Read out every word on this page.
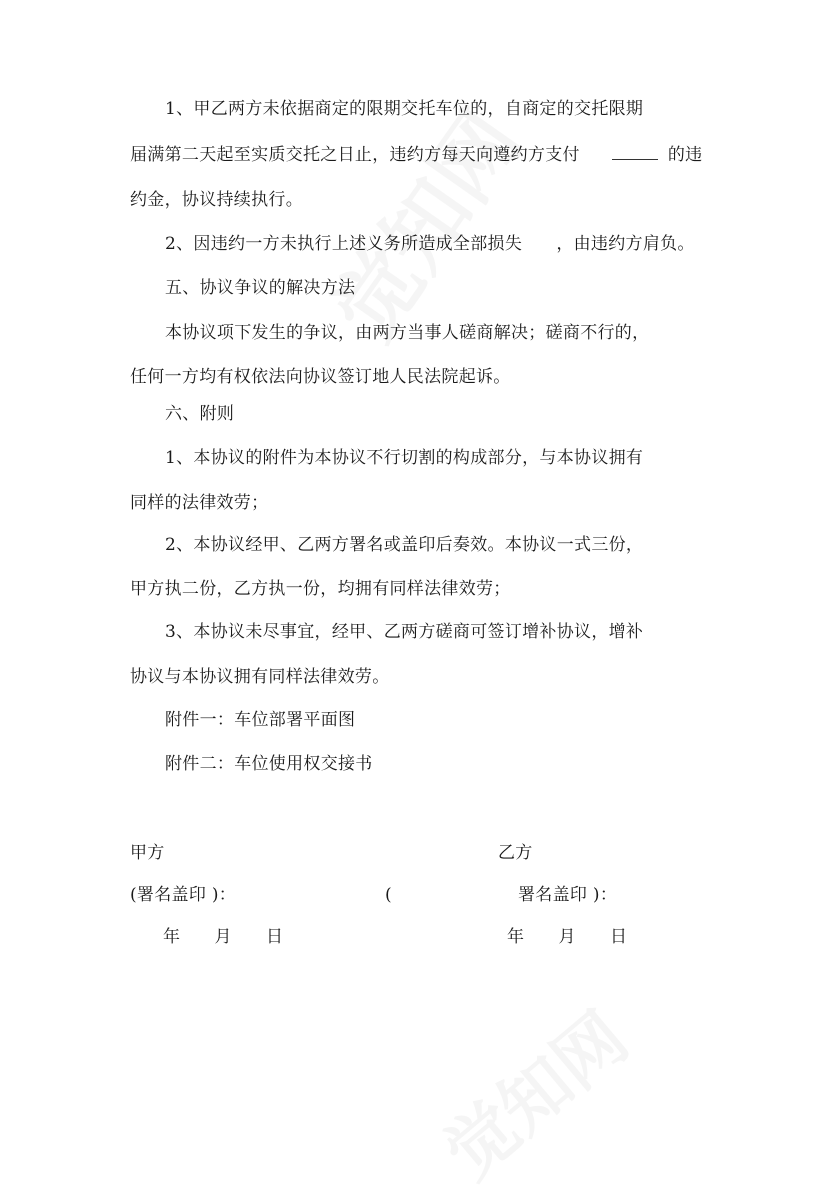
1、甲乙两方未依据商定的限期交托车位的，自商定的交托限期
届满第二天起至实质交托之日止，违约方每天向遵约方支付	的违
约金，协议持续执行。
2、因违约一方未执行上述义务所造成全部损失      ，由违约方肩负。
五、协议争议的解决方法
本协议项下发生的争议，由两方当事人磋商解决；磋商不行的，
任何一方均有权依法向协议签订地人民法院起诉。
六、附则
1、本协议的附件为本协议不行切割的构成部分，与本协议拥有
同样的法律效劳；
2、本协议经甲、乙两方署名或盖印后奏效。本协议一式三份，
甲方执二份，乙方执一份，均拥有同样法律效劳；
3、本协议未尽事宜，经甲、乙两方磋商可签订增补协议，增补
协议与本协议拥有同样法律效劳。
附件一：车位部署平面图
附件二：车位使用权交接书
甲方	乙方
(署名盖印 )：	(	署名盖印 )：
年      月      日	年      月      日
